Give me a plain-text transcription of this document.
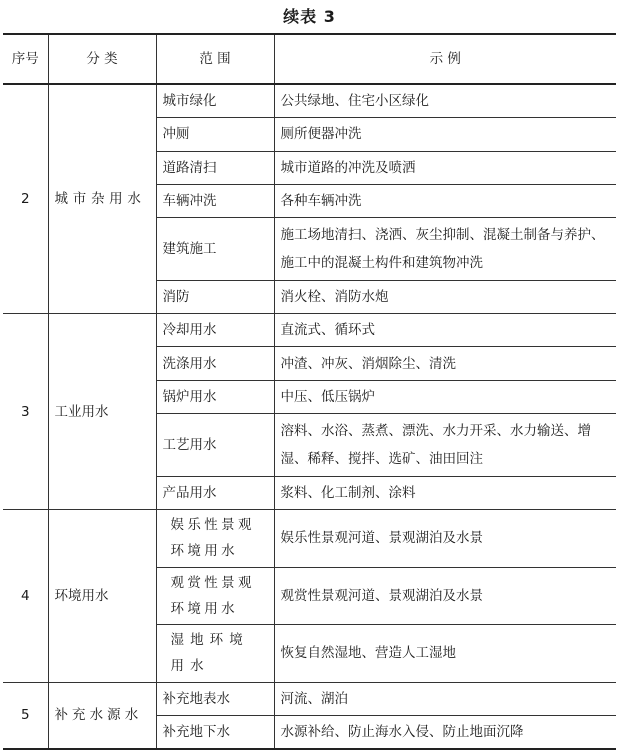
续表 3
序号	分 类	范 围	示 例
2	城市杂用水	城市绿化	公共绿地、住宅小区绿化
		冲厕	厕所便器冲洗
		道路清扫	城市道路的冲洗及喷洒
		车辆冲洗	各种车辆冲洗
		建筑施工	施工场地清扫、浇洒、灰尘抑制、混凝土制备与养护、施工中的混凝土构件和建筑物冲洗
		消防	消火栓、消防水炮
3	工业用水	冷却用水	直流式、循环式
		洗涤用水	冲渣、冲灰、消烟除尘、清洗
		锅炉用水	中压、低压锅炉
		工艺用水	溶料、水浴、蒸煮、漂洗、水力开采、水力输送、增湿、稀释、搅拌、选矿、油田回注
		产品用水	浆料、化工制剂、涂料
4	环境用水	娱乐性景观环境用水	娱乐性景观河道、景观湖泊及水景
		观赏性景观环境用水	观赏性景观河道、景观湖泊及水景
		湿地环境用水	恢复自然湿地、营造人工湿地
5	补充水源水	补充地表水	河流、湖泊
		补充地下水	水源补给、防止海水入侵、防止地面沉降
